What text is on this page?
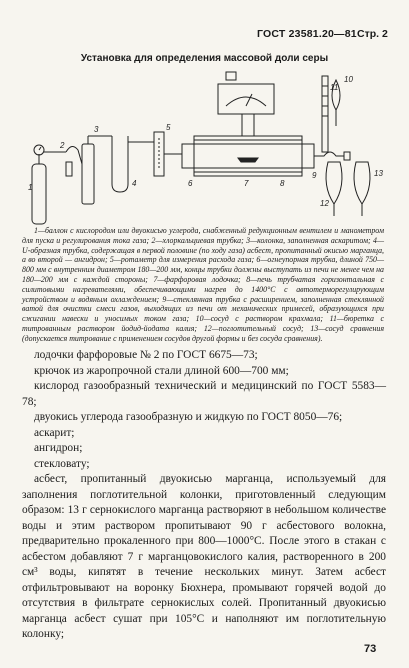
ГОСТ 23581.20—81 Стр. 2
Установка для определения массовой доли серы
1
2
3
4
5
6	7	8
9
10
11
12
13

1—баллон с кислородом или двуокисью углерода, снабженный редукционным вентилем и манометром для пуска и регулирования тока газа; 2—хлоркальциевая трубка; 3—колонка, заполненная аскаритом; 4—U-образная трубка, содержащая в первой половине (по ходу газа) асбест, пропитанный окисью марганца, а во второй — ангидрон; 5—ротаметр для измерения расхода газа; 6—огнеупорная трубка, длиной 750—800 мм с внутренним диаметром 180—200 мм, концы трубки должны выступать из печи не менее чем на 180—200 мм с каждой стороны; 7—фарфоровая лодочка; 8—печь трубчатая горизонтальная с силитовыми нагревателями, обеспечивающими нагрев до 1400°С с автотерморегулирующим устройством и водяным охлаждением; 9—стеклянная трубка с расширением, заполненная стеклянной ватой для очистки смеси газов, выходящих из печи от механических примесей, образующихся при сжигании навески и уносимых током газа; 10—сосуд с раствором крахмала; 11—бюретка с титрованным раствором йодид-йодата калия; 12—поглотительный сосуд; 13—сосуд сравнения (допускается титрование с применением сосудов другой формы и без сосуда сравнения).

лодочки фарфоровые № 2 по ГОСТ 6675—73;

крючок из жаропрочной стали длиной 600—700 мм;

кислород газообразный технический и медицинский по ГОСТ 5583—78;

двуокись углерода газообразную и жидкую по ГОСТ 8050—76;

аскарит;

ангидрон;

стекловату;

асбест, пропитанный двуокисью марганца, используемый для заполнения поглотительной колонки, приготовленный следующим образом: 13 г сернокислого марганца растворяют в небольшом количестве воды и этим раствором пропитывают 90 г асбестового волокна, предварительно прокаленного при 800—1000°С. После этого в стакан с асбестом добавляют 7 г марганцовокислого калия, растворенного в 200 см³ воды, кипятят в течение нескольких минут. Затем асбест отфильтровывают на воронку Бюхнера, промывают горячей водой до отсутствия в фильтрате сернокислых солей. Пропитанный двуокисью марганца асбест сушат при 105°С и наполняют им поглотительную колонку;

73
